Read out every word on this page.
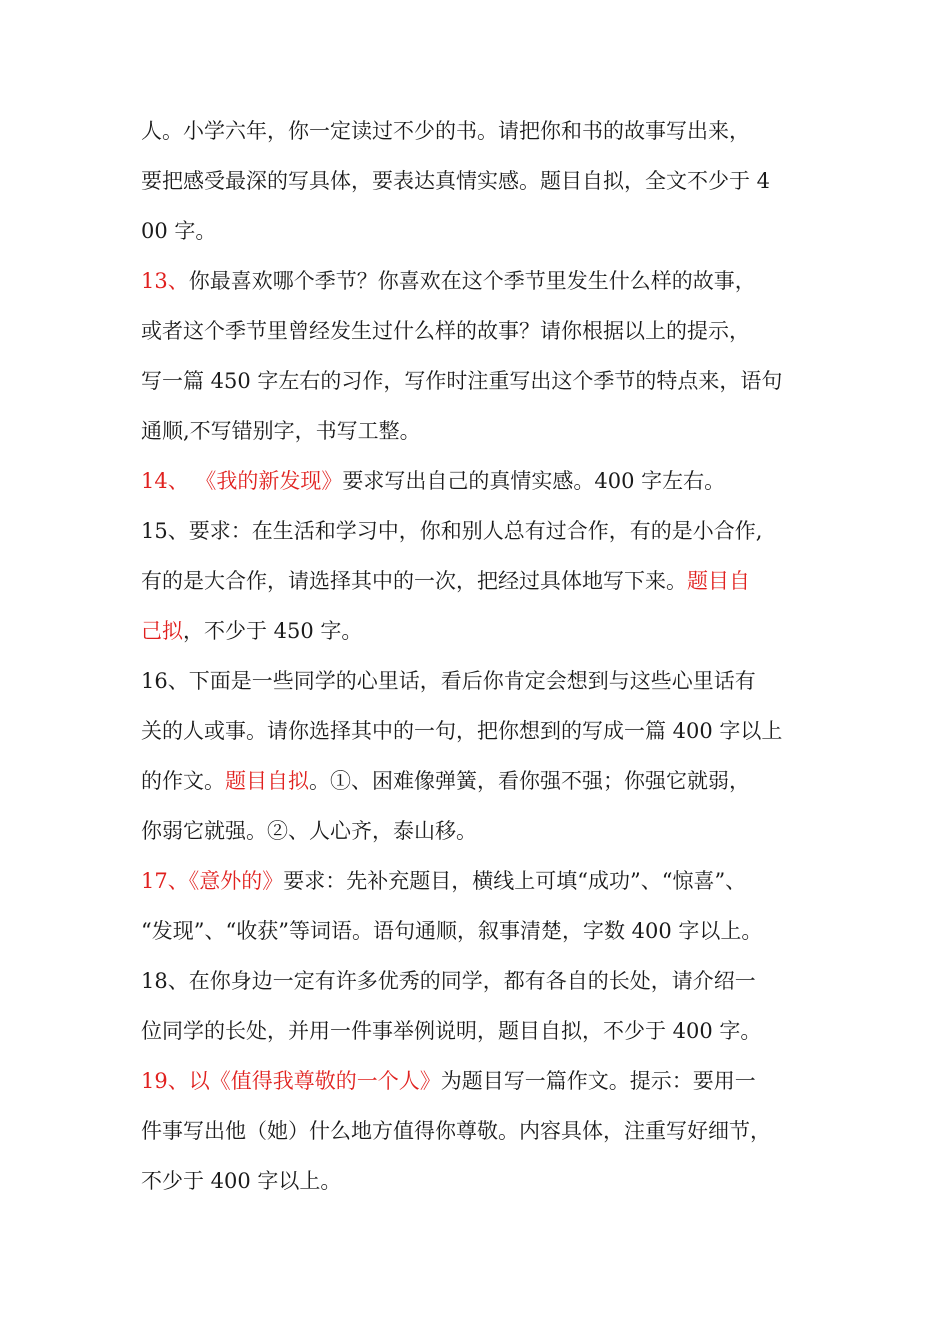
人。小学六年，你一定读过不少的书。请把你和书的故事写出来，
要把感受最深的写具体，要表达真情实感。题目自拟，全文不少于 4
00 字。
13、你最喜欢哪个季节？你喜欢在这个季节里发生什么样的故事，
或者这个季节里曾经发生过什么样的故事？请你根据以上的提示，
写一篇 450 字左右的习作，写作时注重写出这个季节的特点来，语句
通顺,不写错别字，书写工整。
14、 《我的新发现》要求写出自己的真情实感。400 字左右。
15、要求：在生活和学习中，你和别人总有过合作，有的是小合作,
有的是大合作，请选择其中的一次，把经过具体地写下来。题目自
己拟，不少于 450 字。
16、下面是一些同学的心里话，看后你肯定会想到与这些心里话有
关的人或事。请你选择其中的一句，把你想到的写成一篇 400 字以上
的作文。题目自拟。①、困难像弹簧，看你强不强；你强它就弱，
你弱它就强。②、人心齐，泰山移。
17、《意外的》要求：先补充题目，横线上可填“成功”、“惊喜”、
“发现”、“收获”等词语。语句通顺，叙事清楚，字数 400 字以上。
18、在你身边一定有许多优秀的同学，都有各自的长处，请介绍一
位同学的长处，并用一件事举例说明，题目自拟，不少于 400 字。
19、以《值得我尊敬的一个人》为题目写一篇作文。提示：要用一
件事写出他（她）什么地方值得你尊敬。内容具体，注重写好细节，
不少于 400 字以上。
